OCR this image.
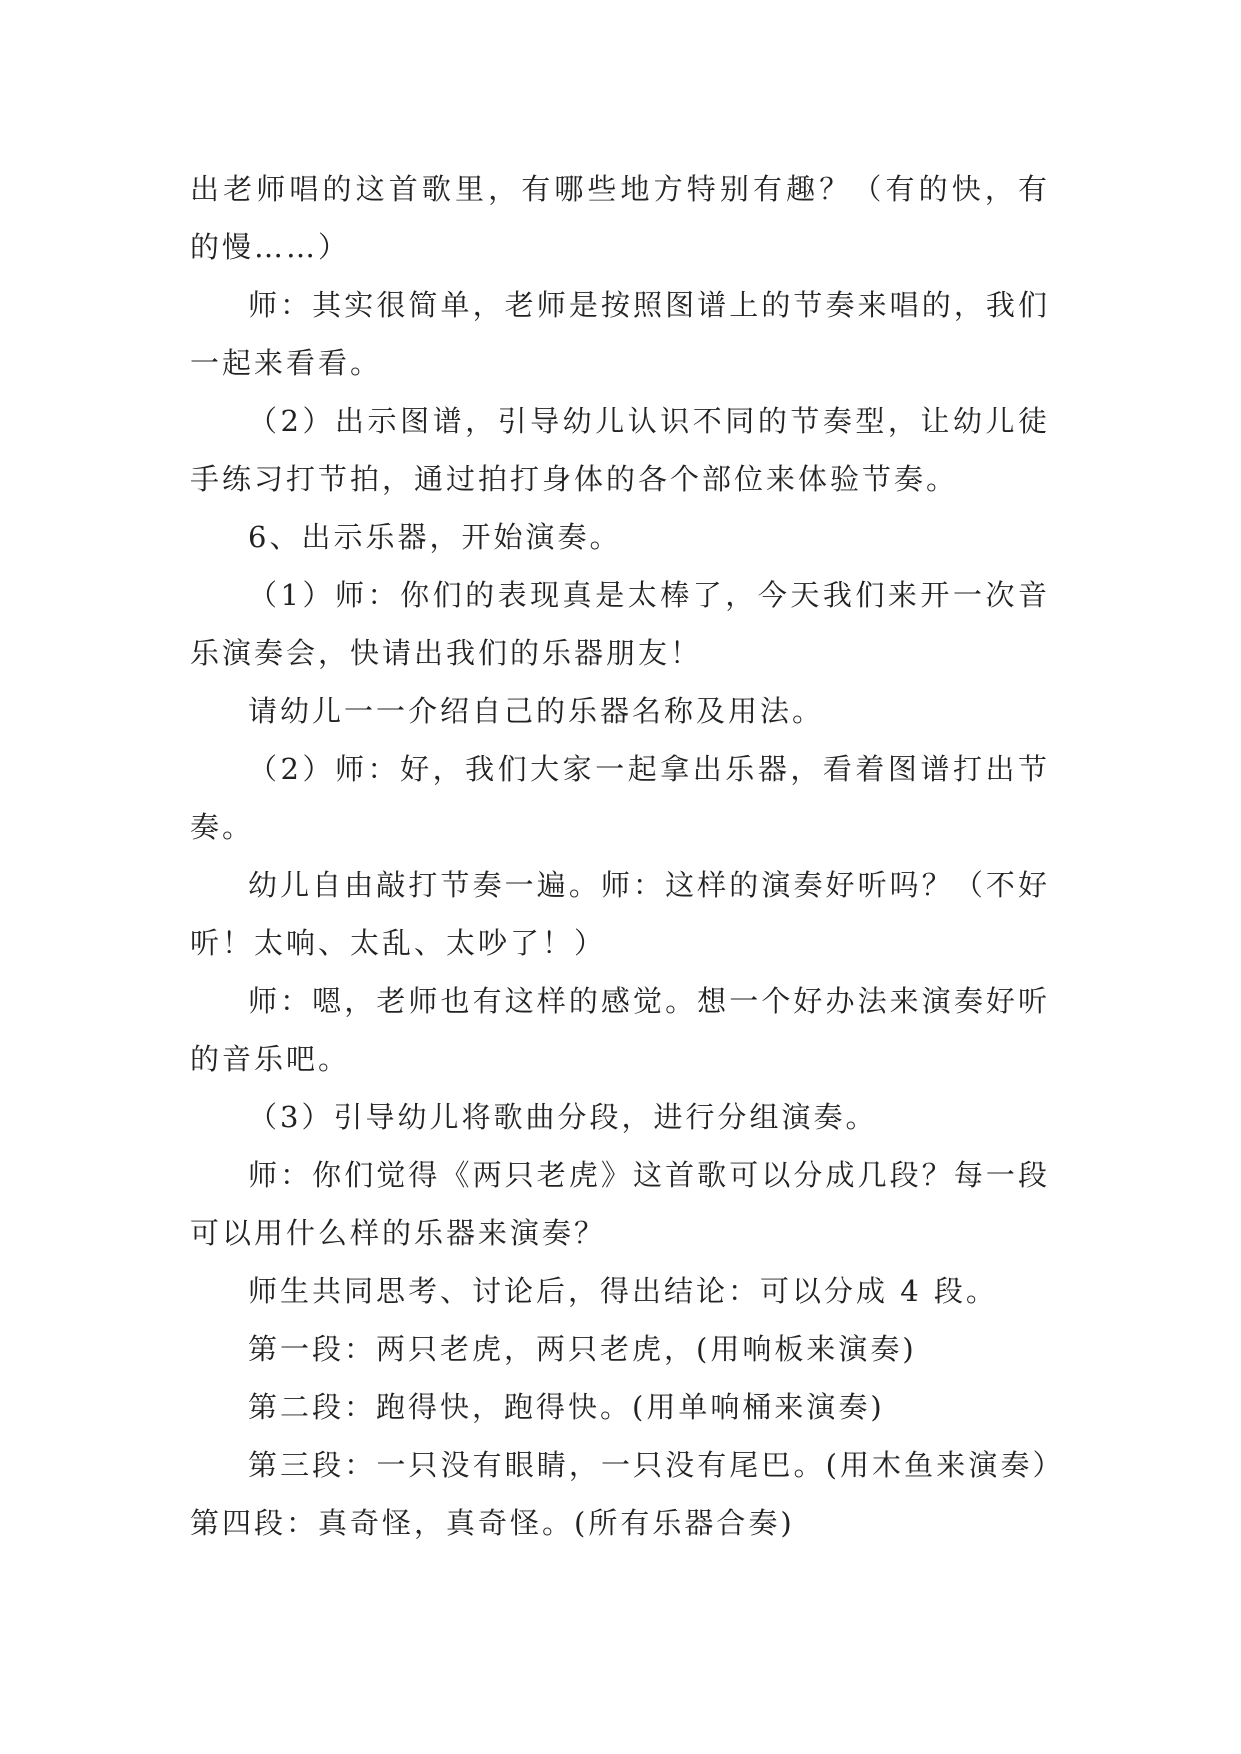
出老师唱的这首歌里，有哪些地方特别有趣？（有的快，有的慢……）

师：其实很简单，老师是按照图谱上的节奏来唱的，我们一起来看看。

（2）出示图谱，引导幼儿认识不同的节奏型，让幼儿徒手练习打节拍，通过拍打身体的各个部位来体验节奏。

6、出示乐器，开始演奏。

（1）师：你们的表现真是太棒了，今天我们来开一次音乐演奏会，快请出我们的乐器朋友！

请幼儿一一介绍自己的乐器名称及用法。

（2）师：好，我们大家一起拿出乐器，看着图谱打出节奏。

幼儿自由敲打节奏一遍。师：这样的演奏好听吗？（不好听！太响、太乱、太吵了！）

师：嗯，老师也有这样的感觉。想一个好办法来演奏好听的音乐吧。

（3）引导幼儿将歌曲分段，进行分组演奏。

师：你们觉得《两只老虎》这首歌可以分成几段？每一段可以用什么样的乐器来演奏？

师生共同思考、讨论后，得出结论：可以分成 4 段。

第一段：两只老虎，两只老虎，(用响板来演奏)

第二段：跑得快，跑得快。(用单响桶来演奏)

第三段：一只没有眼睛，一只没有尾巴。(用木鱼来演奏）第四段：真奇怪，真奇怪。(所有乐器合奏)
